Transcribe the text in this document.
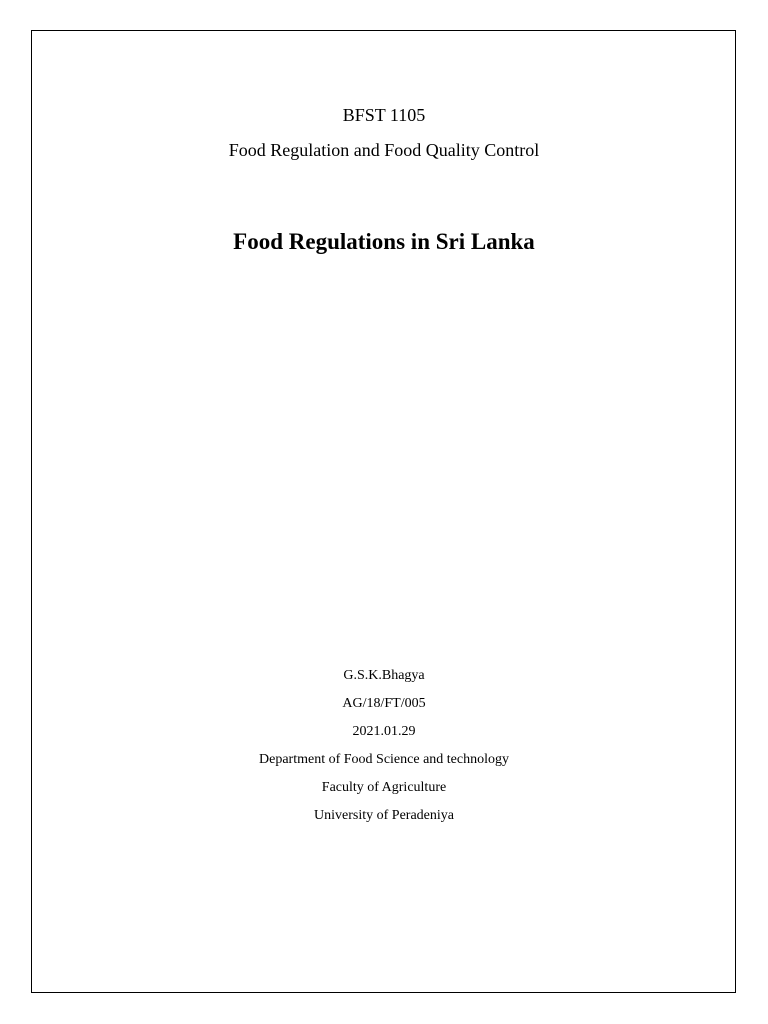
BFST 1105
Food Regulation and Food Quality Control
Food Regulations in Sri Lanka
G.S.K.Bhagya
AG/18/FT/005
2021.01.29
Department of Food Science and technology
Faculty of Agriculture
University of Peradeniya
